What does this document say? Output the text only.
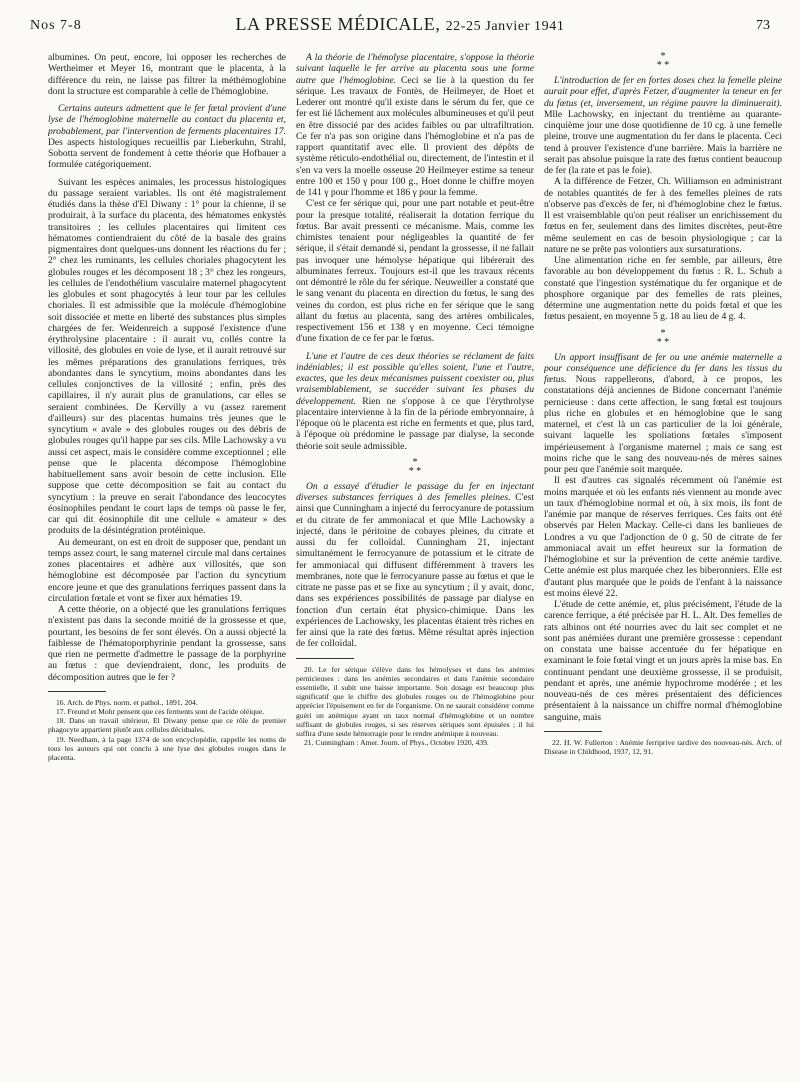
Nos 7-8	LA PRESSE MÉDICALE, 22-25 Janvier 1941	73

albumines. On peut, encore, lui opposer les recherches de Wertheimer et Meyer 16, montrant que le placenta, à la différence du rein, ne laisse pas filtrer la méthémoglobine dont la structure est comparable à celle de l'hémoglobine.

Certains auteurs admettent que le fer fœtal provient d'une lyse de l'hémoglobine maternelle au contact du placenta et, probablement, par l'intervention de ferments placentaires 17. Des aspects histologiques recueillis par Lieberkuhn, Strahl, Sobotta servent de fondement à cette théorie que Hofbauer a formulée catégoriquement.

Suivant les espèces animales, les processus histologiques du passage seraient variables. Ils ont été magistralement étudiés dans la thèse d'El Diwany : 1° pour la chienne, il se produirait, à la surface du placenta, des hématomes enkystés transitoires ; les cellules placentaires qui limitent ces hématomes contiendraient du côté de la basale des grains pigmentaires dont quelques-uns donnent les réactions du fer ; 2° chez les ruminants, les cellules choriales phagocytent les globules rouges et les décomposent 18 ; 3° chez les rongeurs, les cellules de l'endothélium vasculaire maternel phagocytent les globules et sont phagocytés à leur tour par les cellules choriales. Il est admissible que la molécule d'hémoglobine soit dissociée et mette en liberté des substances plus simples chargées de fer. Weidenreich a supposé l'existence d'une érythrolysine placentaire : il aurait vu, collés contre la villosité, des globules en voie de lyse, et il aurait retrouvé sur les mêmes préparations des granulations ferriques, très abondantes dans le syncytium, moins abondantes dans les cellules conjonctives de la villosité ; enfin, près des capillaires, il n'y aurait plus de granulations, car elles se seraient combinées. De Kervilly a vu (assez rarement d'ailleurs) sur des placentas humains très jeunes que le syncytium « avale » des globules rouges ou des débris de globules rouges qu'il happe par ses cils. Mlle Lachowsky a vu aussi cet aspect, mais le considère comme exceptionnel ; elle pense que le placenta décompose l'hémoglobine habituellement sans avoir besoin de cette inclusion. Elle suppose que cette décomposition se fait au contact du syncytium : la preuve en serait l'abondance des leucocytes éosinophiles pendant le court laps de temps où passe le fer, car qui dit éosinophile dit une cellule « amateur » des produits de la désintégration protéinique.

Au demeurant, on est en droit de supposer que, pendant un temps assez court, le sang maternel circule mal dans certaines zones placentaires et adhère aux villosités, que son hémoglobine est décomposée par l'action du syncytium encore jeune et que des granulations ferriques passent dans la circulation fœtale et vont se fixer aux hématies 19.

A cette théorie, on a objecté que les granulations ferriques n'existent pas dans la seconde moitié de la grossesse et que, pourtant, les besoins de fer sont élevés. On a aussi objecté la faiblesse de l'hématoporphyrinie pendant la grossesse, sans que rien ne permette d'admettre le passage de la porphyrine au fœtus : que deviendraient, donc, les produits de décomposition autres que le fer ?

16. Arch. de Phys. norm. et pathol., 1891, 204.

17. Freund et Mohr pensent que ces ferments sont de l'acide oléique.

18. Dans un travail ultérieur, El Diwany pense que ce rôle de premier phagocyte appartient plutôt aux cellules déciduales.

19. Needham, à la page 1374 de son encyclopédie, rappelle les noms de tous les auteurs qui ont conclu à une lyse des globules rouges dans le placenta.

A la théorie de l'hémolyse placentaire, s'oppose la théorie suivant laquelle le fer arrive au placenta sous une forme autre que l'hémoglobine. Ceci se lie à la question du fer sérique. Les travaux de Fontès, de Heilmeyer, de Hoet et Lederer ont montré qu'il existe dans le sérum du fer, que ce fer est lié lâchement aux molécules albumineuses et qu'il peut en être dissocié par des acides faibles ou par ultrafiltration. Ce fer n'a pas son origine dans l'hémoglobine et n'a pas de rapport quantitatif avec elle. Il provient des dépôts de système réticulo-endothélial ou, directement, de l'intestin et il s'en va vers la moelle osseuse 20 Heilmeyer estime sa teneur entre 100 et 150 γ pour 100 g., Hoet donne le chiffre moyen de 141 γ pour l'homme et 186 γ pour la femme.

C'est ce fer sérique qui, pour une part notable et peut-être pour la presque totalité, réaliserait la dotation ferrique du fœtus. Bar avait pressenti ce mécanisme. Mais, comme les chimistes tenaient pour négligeables la quantité de fer sérique, il s'était demandé si, pendant la grossesse, il ne fallait pas invoquer une hémolyse hépatique qui libérerait des albuminates ferreux. Toujours est-il que les travaux récents ont démontré le rôle du fer sérique. Neuweiller a constaté que le sang venant du placenta en direction du fœtus, le sang des veines du cordon, est plus riche en fer sérique que le sang allant du fœtus au placenta, sang des artères ombilicales, respectivement 156 et 138 γ en moyenne. Ceci témoigne d'une fixation de ce fer par le fœtus.

L'une et l'autre de ces deux théories se réclament de faits indéniables; il est possible qu'elles soient, l'une et l'autre, exactes, que les deux mécanismes puissent coexister ou, plus vraisemblablement, se succéder suivant les phases du développement. Rien ne s'oppose à ce que l'érythrolyse placentaire intervienne à la fin de la période embryonnaire, à l'époque où le placenta est riche en ferments et que, plus tard, à l'époque où prédomine le passage par dialyse, la seconde théorie soit seule admissible.

*
* *

On a essayé d'étudier le passage du fer en injectant diverses substances ferriques à des femelles pleines. C'est ainsi que Cunningham a injecté du ferrocyanure de potassium et du citrate de fer ammoniacal et que Mlle Lachowsky a injecté, dans le péritoine de cobayes pleines, du citrate et aussi du fer colloïdal. Cunningham 21, injectant simultanément le ferrocyanure de potassium et le citrate de fer ammoniacal qui diffusent différemment à travers les membranes, note que le ferrocyanure passe au fœtus et que le citrate ne passe pas et se fixe au syncytium ; il y avait, donc, dans ses expériences possibilités de passage par dialyse en fonction d'un certain état physico-chimique. Dans les expériences de Lachowsky, les placentas étaient très riches en fer ainsi que la rate des fœtus. Même résultat après injection de fer colloïdal.

20. Le fer sérique s'élève dans les hémolyses et dans les anémies pernicieuses : dans les anémies secondaires et dans l'anémie secondaire essentielle, il subit une baisse importante. Son dosage est beaucoup plus significatif que le chiffre des globules rouges ou de l'hémoglobine pour apprécier l'épuisement en fer de l'organisme. On ne saurait considérer comme guéri un anémique ayant un taux normal d'hémoglobine et un nombre suffisant de globules rouges, si ses réserves sériques sont épuisées ; il lui suffira d'une seule hémorragie pour le rendre anémique à nouveau.

21. Cunningham : Amer. Journ. of Phys., Octobre 1920, 439.

*
* *

L'introduction de fer en fortes doses chez la femelle pleine aurait pour effet, d'après Fetzer, d'augmenter la teneur en fer du fœtus (et, inversement, un régime pauvre la diminuerait). Mlle Lachowsky, en injectant du trentième au quarante-cinquième jour une dose quotidienne de 10 cg. à une femelle pleine, trouve une augmentation du fer dans le placenta. Ceci tend à prouver l'existence d'une barrière. Mais la barrière ne serait pas absolue puisque la rate des fœtus contient beaucoup de fer (la rate et pas le foie).

A la différence de Fetzer, Ch. Williamson en administrant de notables quantités de fer à des femelles pleines de rats n'observe pas d'excès de fer, ni d'hémoglobine chez le fœtus. Il est vraisemblable qu'on peut réaliser un enrichissement du fœtus en fer, seulement dans des limites discrètes, peut-être même seulement en cas de besoin physiologique ; car la nature ne se prête pas volontiers aux sursaturations.

Une alimentation riche en fer semble, par ailleurs, être favorable au bon développement du fœtus : R. L. Schub a constaté que l'ingestion systématique du fer organique et de phosphore organique par des femelles de rats pleines, détermine une augmentation nette du poids fœtal et que les fœtus pesaient, en moyenne 5 g. 18 au lieu de 4 g. 4.

*
* *

Un apport insuffisant de fer ou une anémie maternelle a pour conséquence une déficience du fer dans les tissus du fœtus. Nous rappellerons, d'abord, à ce propos, les constatations déjà anciennes de Bidone concernant l'anémie pernicieuse : dans cette affection, le sang fœtal est toujours plus riche en globules et en hémoglobine que le sang maternel, et c'est là un cas particulier de la loi générale, suivant laquelle les spoliations fœtales s'imposent impérieusement à l'organisme maternel ; mais ce sang est moins riche que le sang des nouveau-nés de mères saines pour peu que l'anémie soit marquée.

Il est d'autres cas signalés récemment où l'anémie est moins marquée et où les enfants nés viennent au monde avec un taux d'hémoglobine normal et où, à six mois, ils font de l'anémie par manque de réserves ferriques. Ces faits ont été observés par Helen Mackay. Celle-ci dans les banlieues de Londres a vu que l'adjonction de 0 g. 50 de citrate de fer ammoniacal avait un effet heureux sur la formation de l'hémoglobine et sur la prévention de cette anémie tardive. Cette anémie est plus marquée chez les biberonniers. Elle est d'autant plus marquée que le poids de l'enfant à la naissance est moins élevé 22.

L'étude de cette anémie, et, plus précisément, l'étude de la carence ferrique, a été précisée par H. L. Alt. Des femelles de rats albinos ont été nourries avec du lait sec complet et ne sont pas anémiées durant une première grossesse : cependant on constata une baisse accentuée du fer hépatique en examinant le foie fœtal vingt et un jours après la mise bas. En continuant pendant une deuxième grossesse, il se produisit, pendant et après, une anémie hypochrome modérée ; et les nouveau-nés de ces mères présentaient des déficiences présentaient à la naissance un chiffre normal d'hémoglobine sanguine, mais

22. H. W. Fullerton : Anémie ferriprive tardive des nouveau-nés. Arch. of Disease in Childhood, 1937, 12, 91.
